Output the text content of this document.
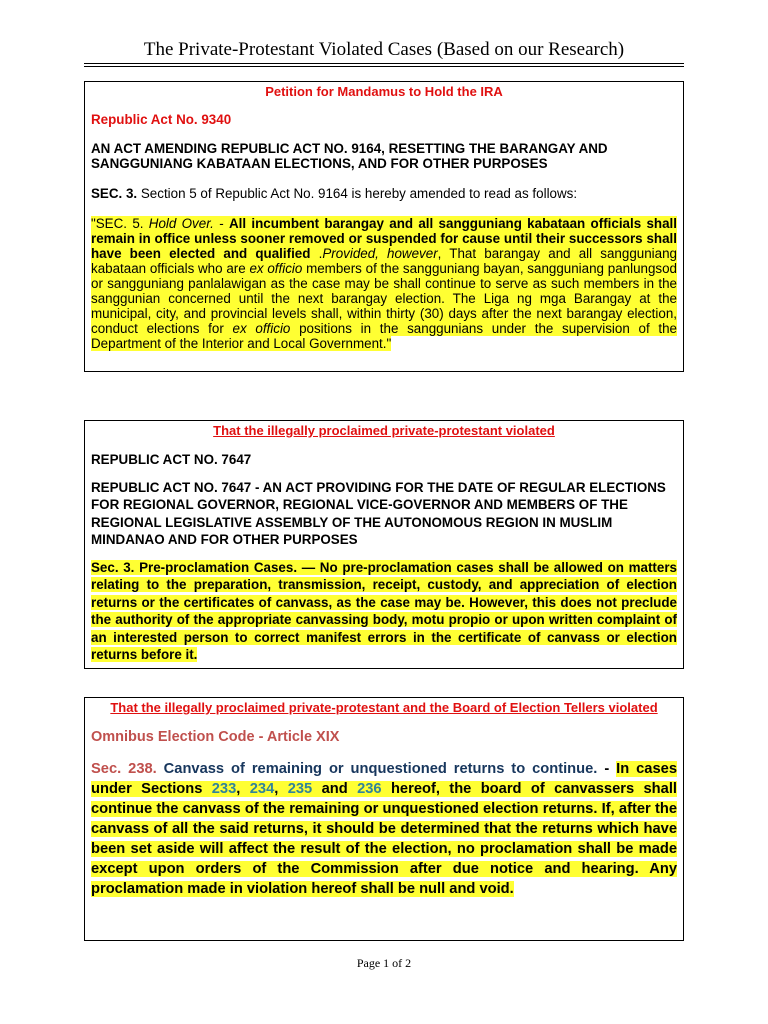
The Private-Protestant Violated Cases (Based on our Research)

Petition for Mandamus to Hold the IRA

Republic Act No. 9340

AN ACT AMENDING REPUBLIC ACT NO. 9164, RESETTING THE BARANGAY AND SANGGUNIANG KABATAAN ELECTIONS, AND FOR OTHER PURPOSES

SEC. 3. Section 5 of Republic Act No. 9164 is hereby amended to read as follows:

"SEC. 5. Hold Over. - All incumbent barangay and all sangguniang kabataan officials shall remain in office unless sooner removed or suspended for cause until their successors shall have been elected and qualified .Provided, however, That barangay and all sangguniang kabataan officials who are ex officio members of the sangguniang bayan, sangguniang panlungsod or sangguniang panlalawigan as the case may be shall continue to serve as such members in the sanggunian concerned until the next barangay election. The Liga ng mga Barangay at the municipal, city, and provincial levels shall, within thirty (30) days after the next barangay election, conduct elections for ex officio positions in the sanggunians under the supervision of the Department of the Interior and Local Government."

That the illegally proclaimed private-protestant violated

REPUBLIC ACT NO. 7647

REPUBLIC ACT NO. 7647 - AN ACT PROVIDING FOR THE DATE OF REGULAR ELECTIONS FOR REGIONAL GOVERNOR, REGIONAL VICE-GOVERNOR AND MEMBERS OF THE REGIONAL LEGISLATIVE ASSEMBLY OF THE AUTONOMOUS REGION IN MUSLIM MINDANAO AND FOR OTHER PURPOSES

Sec. 3. Pre-proclamation Cases. — No pre-proclamation cases shall be allowed on matters relating to the preparation, transmission, receipt, custody, and appreciation of election returns or the certificates of canvass, as the case may be. However, this does not preclude the authority of the appropriate canvassing body, motu propio or upon written complaint of an interested person to correct manifest errors in the certificate of canvass or election returns before it.

That the illegally proclaimed private-protestant and the Board of Election Tellers violated

Omnibus Election Code - Article XIX

Sec. 238. Canvass of remaining or unquestioned returns to continue. - In cases under Sections 233, 234, 235 and 236 hereof, the board of canvassers shall continue the canvass of the remaining or unquestioned election returns. If, after the canvass of all the said returns, it should be determined that the returns which have been set aside will affect the result of the election, no proclamation shall be made except upon orders of the Commission after due notice and hearing. Any proclamation made in violation hereof shall be null and void.

Page 1 of 2
